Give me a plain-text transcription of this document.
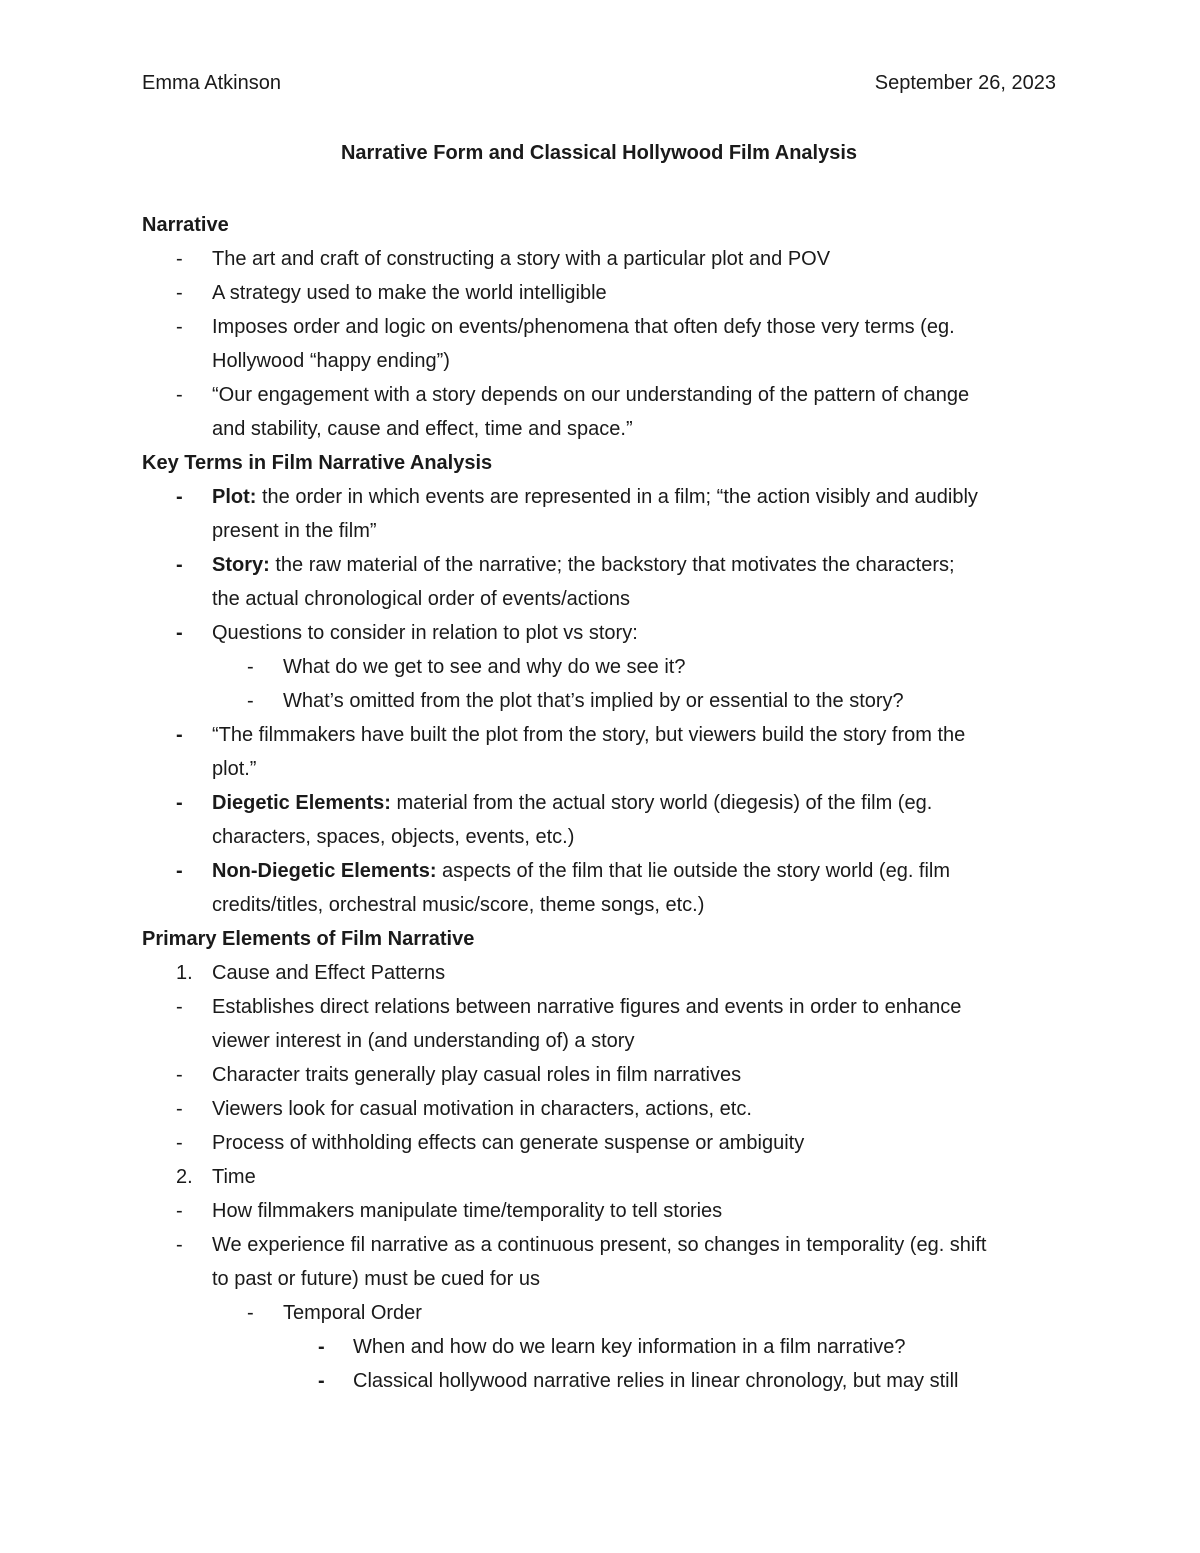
Emma Atkinson	September 26, 2023
Narrative Form and Classical Hollywood Film Analysis
Narrative
- The art and craft of constructing a story with a particular plot and POV
- A strategy used to make the world intelligible
- Imposes order and logic on events/phenomena that often defy those very terms (eg.
Hollywood “happy ending”)
- “Our engagement with a story depends on our understanding of the pattern of change
and stability, cause and effect, time and space.”
Key Terms in Film Narrative Analysis
- Plot: the order in which events are represented in a film; “the action visibly and audibly
present in the film”
- Story: the raw material of the narrative; the backstory that motivates the characters;
the actual chronological order of events/actions
- Questions to consider in relation to plot vs story:
- What do we get to see and why do we see it?
- What’s omitted from the plot that’s implied by or essential to the story?
- “The filmmakers have built the plot from the story, but viewers build the story from the
plot.”
- Diegetic Elements: material from the actual story world (diegesis) of the film (eg.
characters, spaces, objects, events, etc.)
- Non-Diegetic Elements: aspects of the film that lie outside the story world (eg. film
credits/titles, orchestral music/score, theme songs, etc.)
Primary Elements of Film Narrative
1. Cause and Effect Patterns
- Establishes direct relations between narrative figures and events in order to enhance
viewer interest in (and understanding of) a story
- Character traits generally play casual roles in film narratives
- Viewers look for casual motivation in characters, actions, etc.
- Process of withholding effects can generate suspense or ambiguity
2. Time
- How filmmakers manipulate time/temporality to tell stories
- We experience fil narrative as a continuous present, so changes in temporality (eg. shift
to past or future) must be cued for us
- Temporal Order
- When and how do we learn key information in a film narrative?
- Classical hollywood narrative relies in linear chronology, but may still
